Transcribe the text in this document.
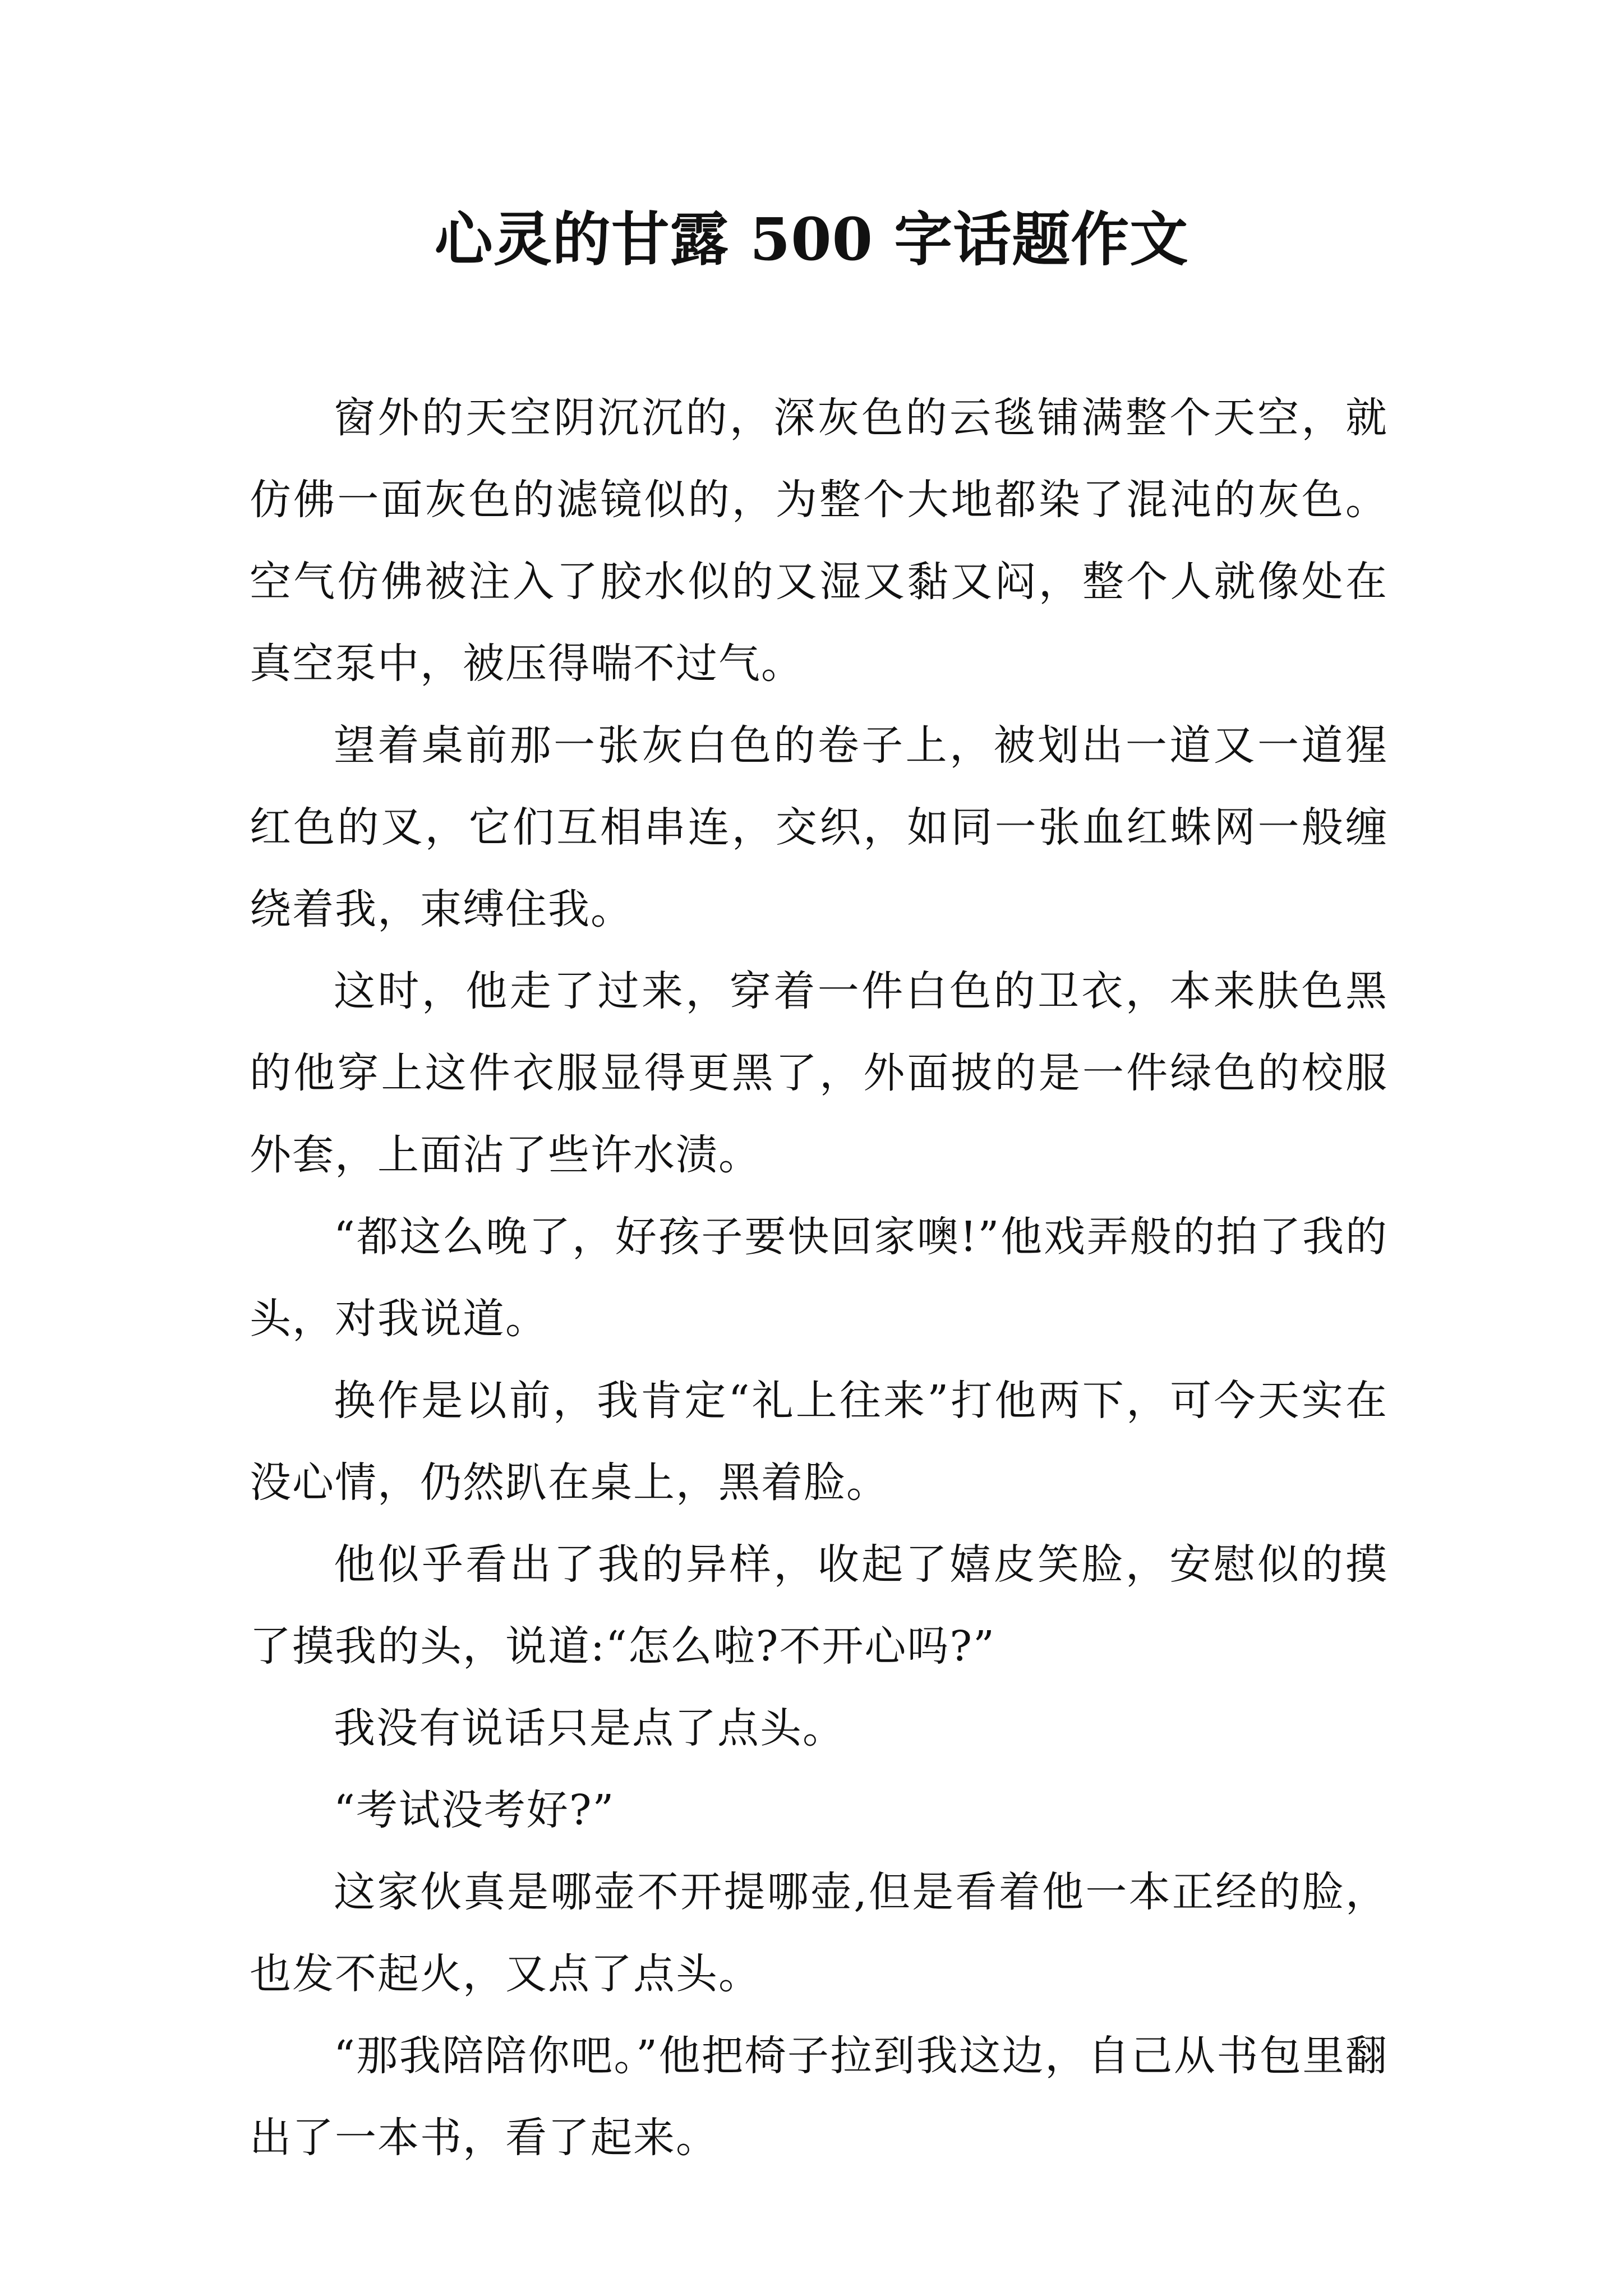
心灵的甘露 500 字话题作文

窗外的天空阴沉沉的，深灰色的云毯铺满整个天空，就仿佛一面灰色的滤镜似的，为整个大地都染了混沌的灰色。空气仿佛被注入了胶水似的又湿又黏又闷，整个人就像处在真空泵中，被压得喘不过气。

望着桌前那一张灰白色的卷子上，被划出一道又一道猩红色的叉，它们互相串连，交织，如同一张血红蛛网一般缠绕着我，束缚住我。

这时，他走了过来，穿着一件白色的卫衣，本来肤色黑的他穿上这件衣服显得更黑了，外面披的是一件绿色的校服外套，上面沾了些许水渍。

“都这么晚了，好孩子要快回家噢!”他戏弄般的拍了我的头，对我说道。

换作是以前，我肯定“礼上往来”打他两下，可今天实在没心情，仍然趴在桌上，黑着脸。

他似乎看出了我的异样，收起了嬉皮笑脸，安慰似的摸了摸我的头，说道:“怎么啦?不开心吗?”

我没有说话只是点了点头。

“考试没考好?”

这家伙真是哪壶不开提哪壶,但是看着他一本正经的脸，也发不起火，又点了点头。

“那我陪陪你吧。”他把椅子拉到我这边，自己从书包里翻出了一本书，看了起来。
